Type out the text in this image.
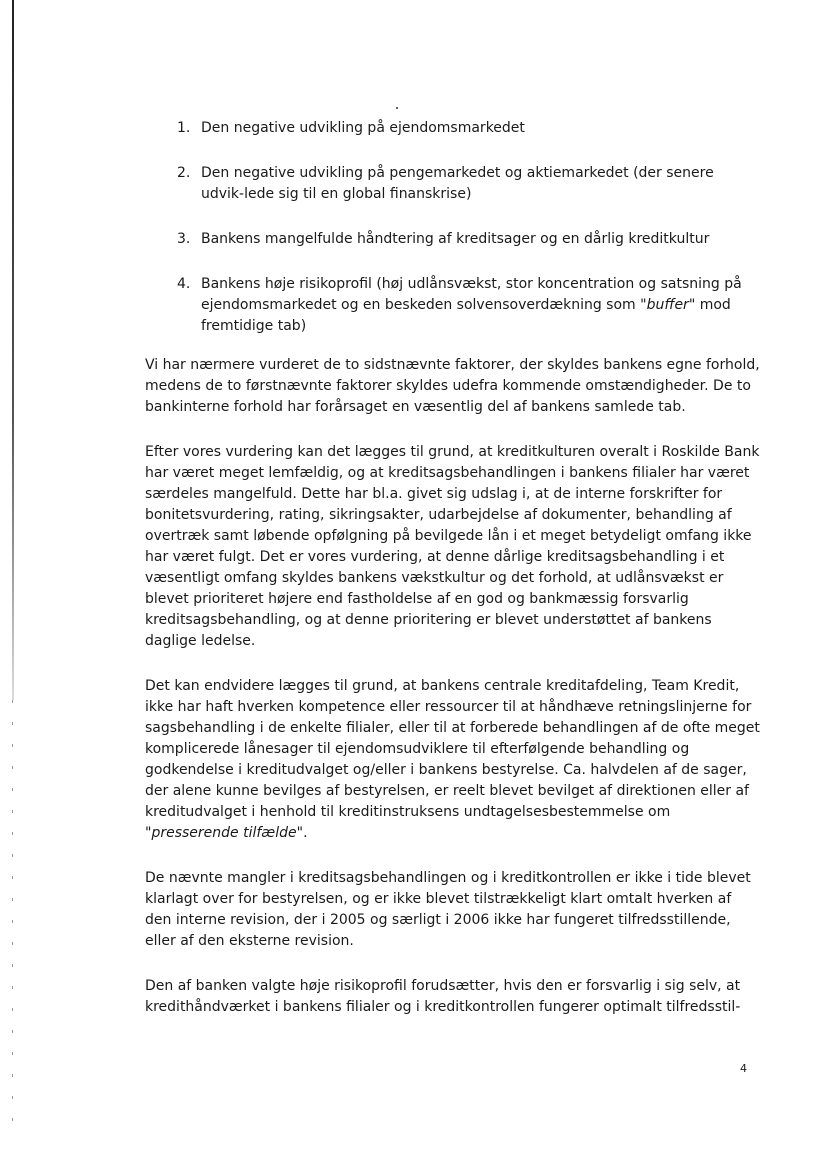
1. Den negative udvikling på ejendomsmarkedet
2. Den negative udvikling på pengemarkedet og aktiemarkedet (der senere udvik-lede sig til en global finanskrise)
3. Bankens mangelfulde håndtering af kreditsager og en dårlig kreditkultur
4. Bankens høje risikoprofil (høj udlånsvækst, stor koncentration og satsning på ejendomsmarkedet og en beskeden solvensoverdækning som "buffer" mod fremtidige tab)

Vi har nærmere vurderet de to sidstnævnte faktorer, der skyldes bankens egne forhold, medens de to førstnævnte faktorer skyldes udefra kommende omstændigheder. De to bankinterne forhold har forårsaget en væsentlig del af bankens samlede tab.

Efter vores vurdering kan det lægges til grund, at kreditkulturen overalt i Roskilde Bank har været meget lemfældig, og at kreditsagsbehandlingen i bankens filialer har været særdeles mangelfuld. Dette har bl.a. givet sig udslag i, at de interne forskrifter for bonitetsvurdering, rating, sikringsakter, udarbejdelse af dokumenter, behandling af overtræk samt løbende opfølgning på bevilgede lån i et meget betydeligt omfang ikke har været fulgt. Det er vores vurdering, at denne dårlige kreditsagsbehandling i et væsentligt omfang skyldes bankens vækstkultur og det forhold, at udlånsvækst er blevet prioriteret højere end fastholdelse af en god og bankmæssig forsvarlig kreditsagsbehandling, og at denne prioritering er blevet understøttet af bankens daglige ledelse.

Det kan endvidere lægges til grund, at bankens centrale kreditafdeling, Team Kredit, ikke har haft hverken kompetence eller ressourcer til at håndhæve retningslinjerne for sagsbehandling i de enkelte filialer, eller til at forberede behandlingen af de ofte meget komplicerede lånesager til ejendomsudviklere til efterfølgende behandling og godkendelse i kreditudvalget og/eller i bankens bestyrelse. Ca. halvdelen af de sager, der alene kunne bevilges af bestyrelsen, er reelt blevet bevilget af direktionen eller af kreditudvalget i henhold til kreditinstruksens undtagelsesbestemmelse om "presserende tilfælde".

De nævnte mangler i kreditsagsbehandlingen og i kreditkontrollen er ikke i tide blevet klarlagt over for bestyrelsen, og er ikke blevet tilstrækkeligt klart omtalt hverken af den interne revision, der i 2005 og særligt i 2006 ikke har fungeret tilfredsstillende, eller af den eksterne revision.

Den af banken valgte høje risikoprofil forudsætter, hvis den er forsvarlig i sig selv, at kredithåndværket i bankens filialer og i kreditkontrollen fungerer optimalt tilfredsstil-

4
